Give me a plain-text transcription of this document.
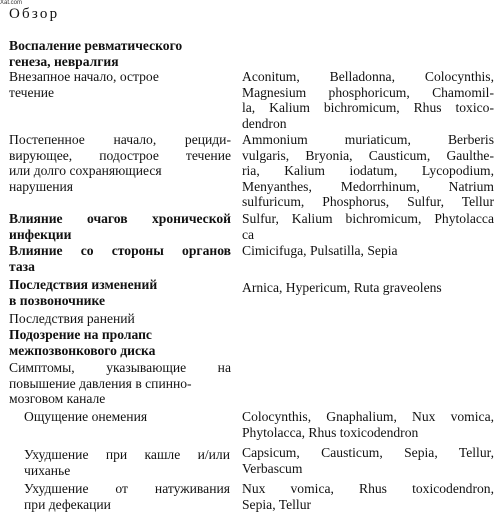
Xat.com
Обзор
Воспаление ревматического
генеза, невралгия
Внезапное начало, острое
течение
Aconitum, Belladonna, Colocynthis,
Magnesium phosphoricum, Chamomil-
la, Kalium bichromicum, Rhus toxico-
dendron
Постепенное начало, рециди-
вирующее, подострое течение
или долго сохраняющиеся
нарушения
Ammonium muriaticum, Berberis
vulgaris, Bryonia, Causticum, Gaulthe-
ria, Kalium iodatum, Lycopodium,
Menyanthes, Medorrhinum, Natrium
sulfuricum, Phosphorus, Sulfur, Tellur
Влияние очагов хронической
инфекции
Sulfur, Kalium bichromicum, Phytolacca
ca
Влияние со стороны органов
таза
Cimicifuga, Pulsatilla, Sepia
Последствия изменений
в позвоночнике
Arnica, Hypericum, Ruta graveolens
Последствия ранений
Подозрение на пролапс
межпозвонкового диска
Симптомы, указывающие на
повышение давления в спинно-
мозговом канале
Ощущение онемения	Colocynthis, Gnaphalium, Nux vomica,
Phytolacca, Rhus toxicodendron
Ухудшение при кашле и/или
чиханье
Capsicum, Causticum, Sepia, Tellur,
Verbascum
Ухудшение от натуживания
при дефекации
Nux vomica, Rhus toxicodendron,
Sepia, Tellur
